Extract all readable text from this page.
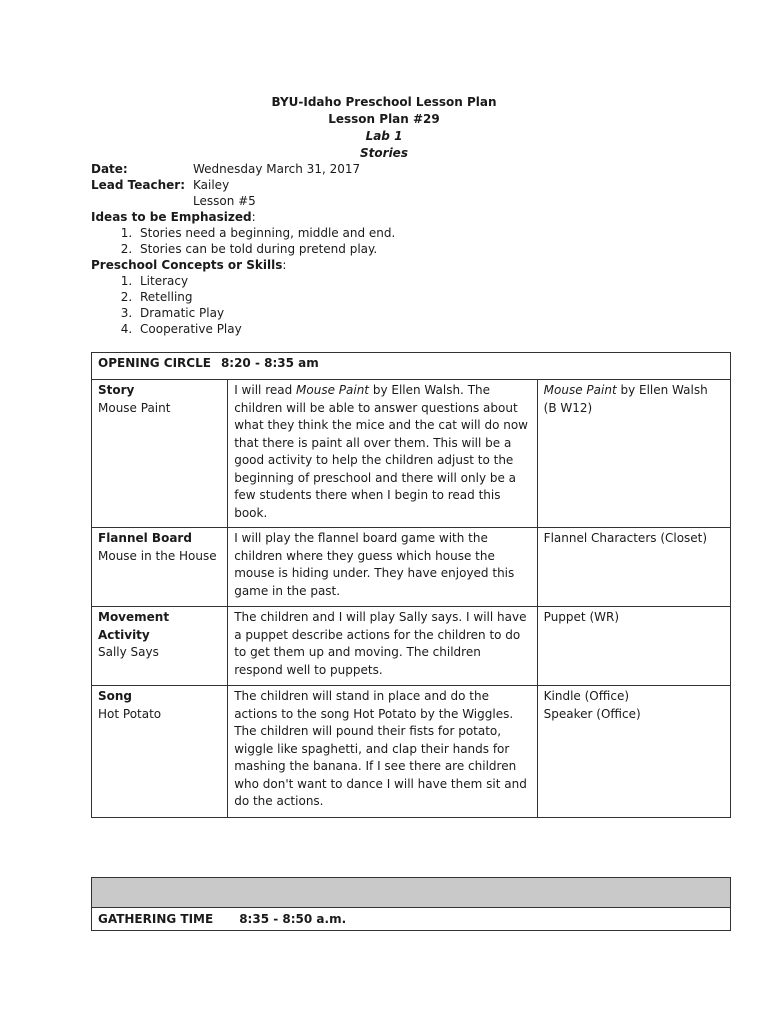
BYU-Idaho Preschool Lesson Plan
Lesson Plan #29
Lab 1
Stories
Date:	Wednesday March 31, 2017
Lead Teacher: Kailey
Lesson #5
Ideas to be Emphasized:
1. Stories need a beginning, middle and end.
2. Stories can be told during pretend play.
Preschool Concepts or Skills:
1. Literacy
2. Retelling
3. Dramatic Play
4. Cooperative Play
OPENING CIRCLE 8:20 - 8:35 am		

Story
Mouse Paint	I will read Mouse Paint by Ellen Walsh. The children will be able to answer questions about what they think the mice and the cat will do now that there is paint all over them. This will be a good activity to help the children adjust to the beginning of preschool and there will only be a few students there when I begin to read this book.	Mouse Paint by Ellen Walsh (B W12)

Flannel Board
Mouse in the House	I will play the flannel board game with the children where they guess which house the mouse is hiding under. They have enjoyed this game in the past.	Flannel Characters (Closet)

Movement Activity
Sally Says	The children and I will play Sally says. I will have a puppet describe actions for the children to do to get them up and moving. The children respond well to puppets.	Puppet (WR)

Song
Hot Potato	The children will stand in place and do the actions to the song Hot Potato by the Wiggles. The children will pound their fists for potato, wiggle like spaghetti, and clap their hands for mashing the banana. If I see there are children who don't want to dance I will have them sit and do the actions.	Kindle (Office)
Speaker (Office)

GATHERING TIME 8:35 - 8:50 a.m.
